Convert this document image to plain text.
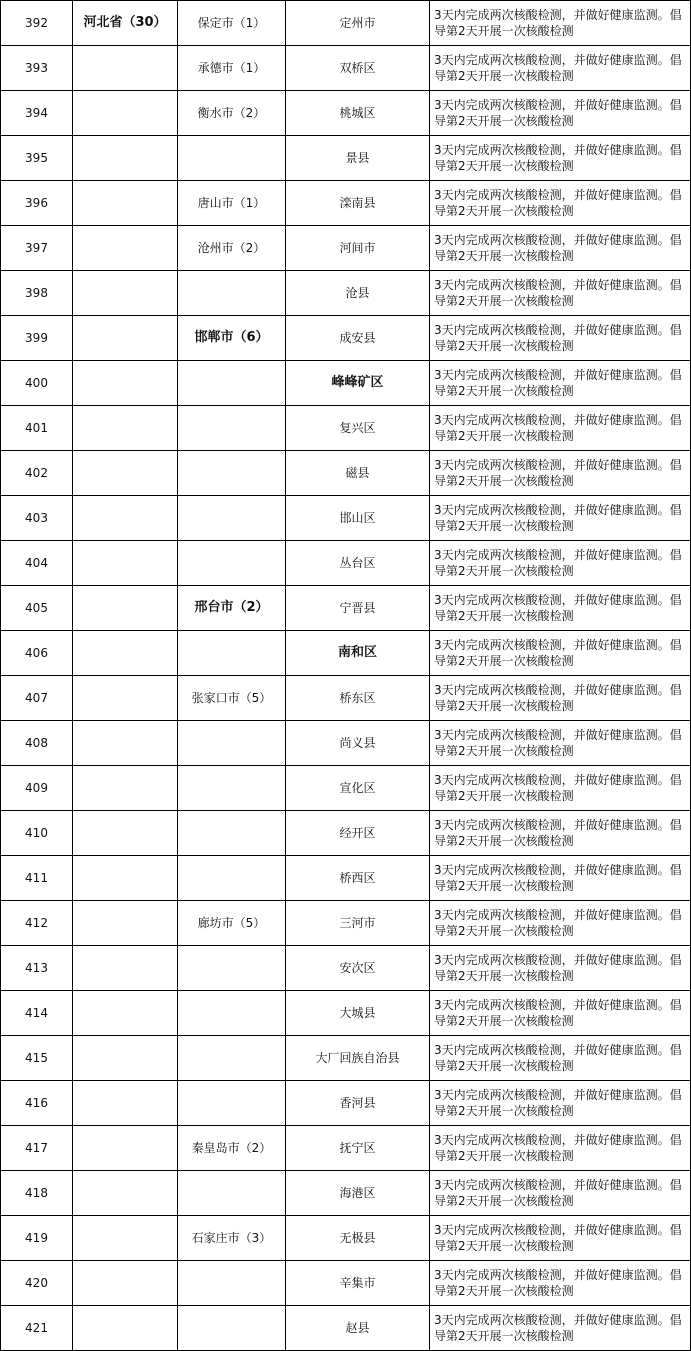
392	河北省（30）	保定市（1）	定州市	3天内完成两次核酸检测，并做好健康监测。倡导第2天开展一次核酸检测
393		承德市（1）	双桥区	3天内完成两次核酸检测，并做好健康监测。倡导第2天开展一次核酸检测
394		衡水市（2）	桃城区	3天内完成两次核酸检测，并做好健康监测。倡导第2天开展一次核酸检测
395			景县	3天内完成两次核酸检测，并做好健康监测。倡导第2天开展一次核酸检测
396		唐山市（1）	滦南县	3天内完成两次核酸检测，并做好健康监测。倡导第2天开展一次核酸检测
397		沧州市（2）	河间市	3天内完成两次核酸检测，并做好健康监测。倡导第2天开展一次核酸检测
398			沧县	3天内完成两次核酸检测，并做好健康监测。倡导第2天开展一次核酸检测
399		邯郸市（6）	成安县	3天内完成两次核酸检测，并做好健康监测。倡导第2天开展一次核酸检测
400			峰峰矿区	3天内完成两次核酸检测，并做好健康监测。倡导第2天开展一次核酸检测
401			复兴区	3天内完成两次核酸检测，并做好健康监测。倡导第2天开展一次核酸检测
402			磁县	3天内完成两次核酸检测，并做好健康监测。倡导第2天开展一次核酸检测
403			邯山区	3天内完成两次核酸检测，并做好健康监测。倡导第2天开展一次核酸检测
404			丛台区	3天内完成两次核酸检测，并做好健康监测。倡导第2天开展一次核酸检测
405		邢台市（2）	宁晋县	3天内完成两次核酸检测，并做好健康监测。倡导第2天开展一次核酸检测
406			南和区	3天内完成两次核酸检测，并做好健康监测。倡导第2天开展一次核酸检测
407		张家口市（5）	桥东区	3天内完成两次核酸检测，并做好健康监测。倡导第2天开展一次核酸检测
408			尚义县	3天内完成两次核酸检测，并做好健康监测。倡导第2天开展一次核酸检测
409			宣化区	3天内完成两次核酸检测，并做好健康监测。倡导第2天开展一次核酸检测
410			经开区	3天内完成两次核酸检测，并做好健康监测。倡导第2天开展一次核酸检测
411			桥西区	3天内完成两次核酸检测，并做好健康监测。倡导第2天开展一次核酸检测
412		廊坊市（5）	三河市	3天内完成两次核酸检测，并做好健康监测。倡导第2天开展一次核酸检测
413			安次区	3天内完成两次核酸检测，并做好健康监测。倡导第2天开展一次核酸检测
414			大城县	3天内完成两次核酸检测，并做好健康监测。倡导第2天开展一次核酸检测
415			大厂回族自治县	3天内完成两次核酸检测，并做好健康监测。倡导第2天开展一次核酸检测
416			香河县	3天内完成两次核酸检测，并做好健康监测。倡导第2天开展一次核酸检测
417		秦皇岛市（2）	抚宁区	3天内完成两次核酸检测，并做好健康监测。倡导第2天开展一次核酸检测
418			海港区	3天内完成两次核酸检测，并做好健康监测。倡导第2天开展一次核酸检测
419		石家庄市（3）	无极县	3天内完成两次核酸检测，并做好健康监测。倡导第2天开展一次核酸检测
420			辛集市	3天内完成两次核酸检测，并做好健康监测。倡导第2天开展一次核酸检测
421			赵县	3天内完成两次核酸检测，并做好健康监测。倡导第2天开展一次核酸检测
